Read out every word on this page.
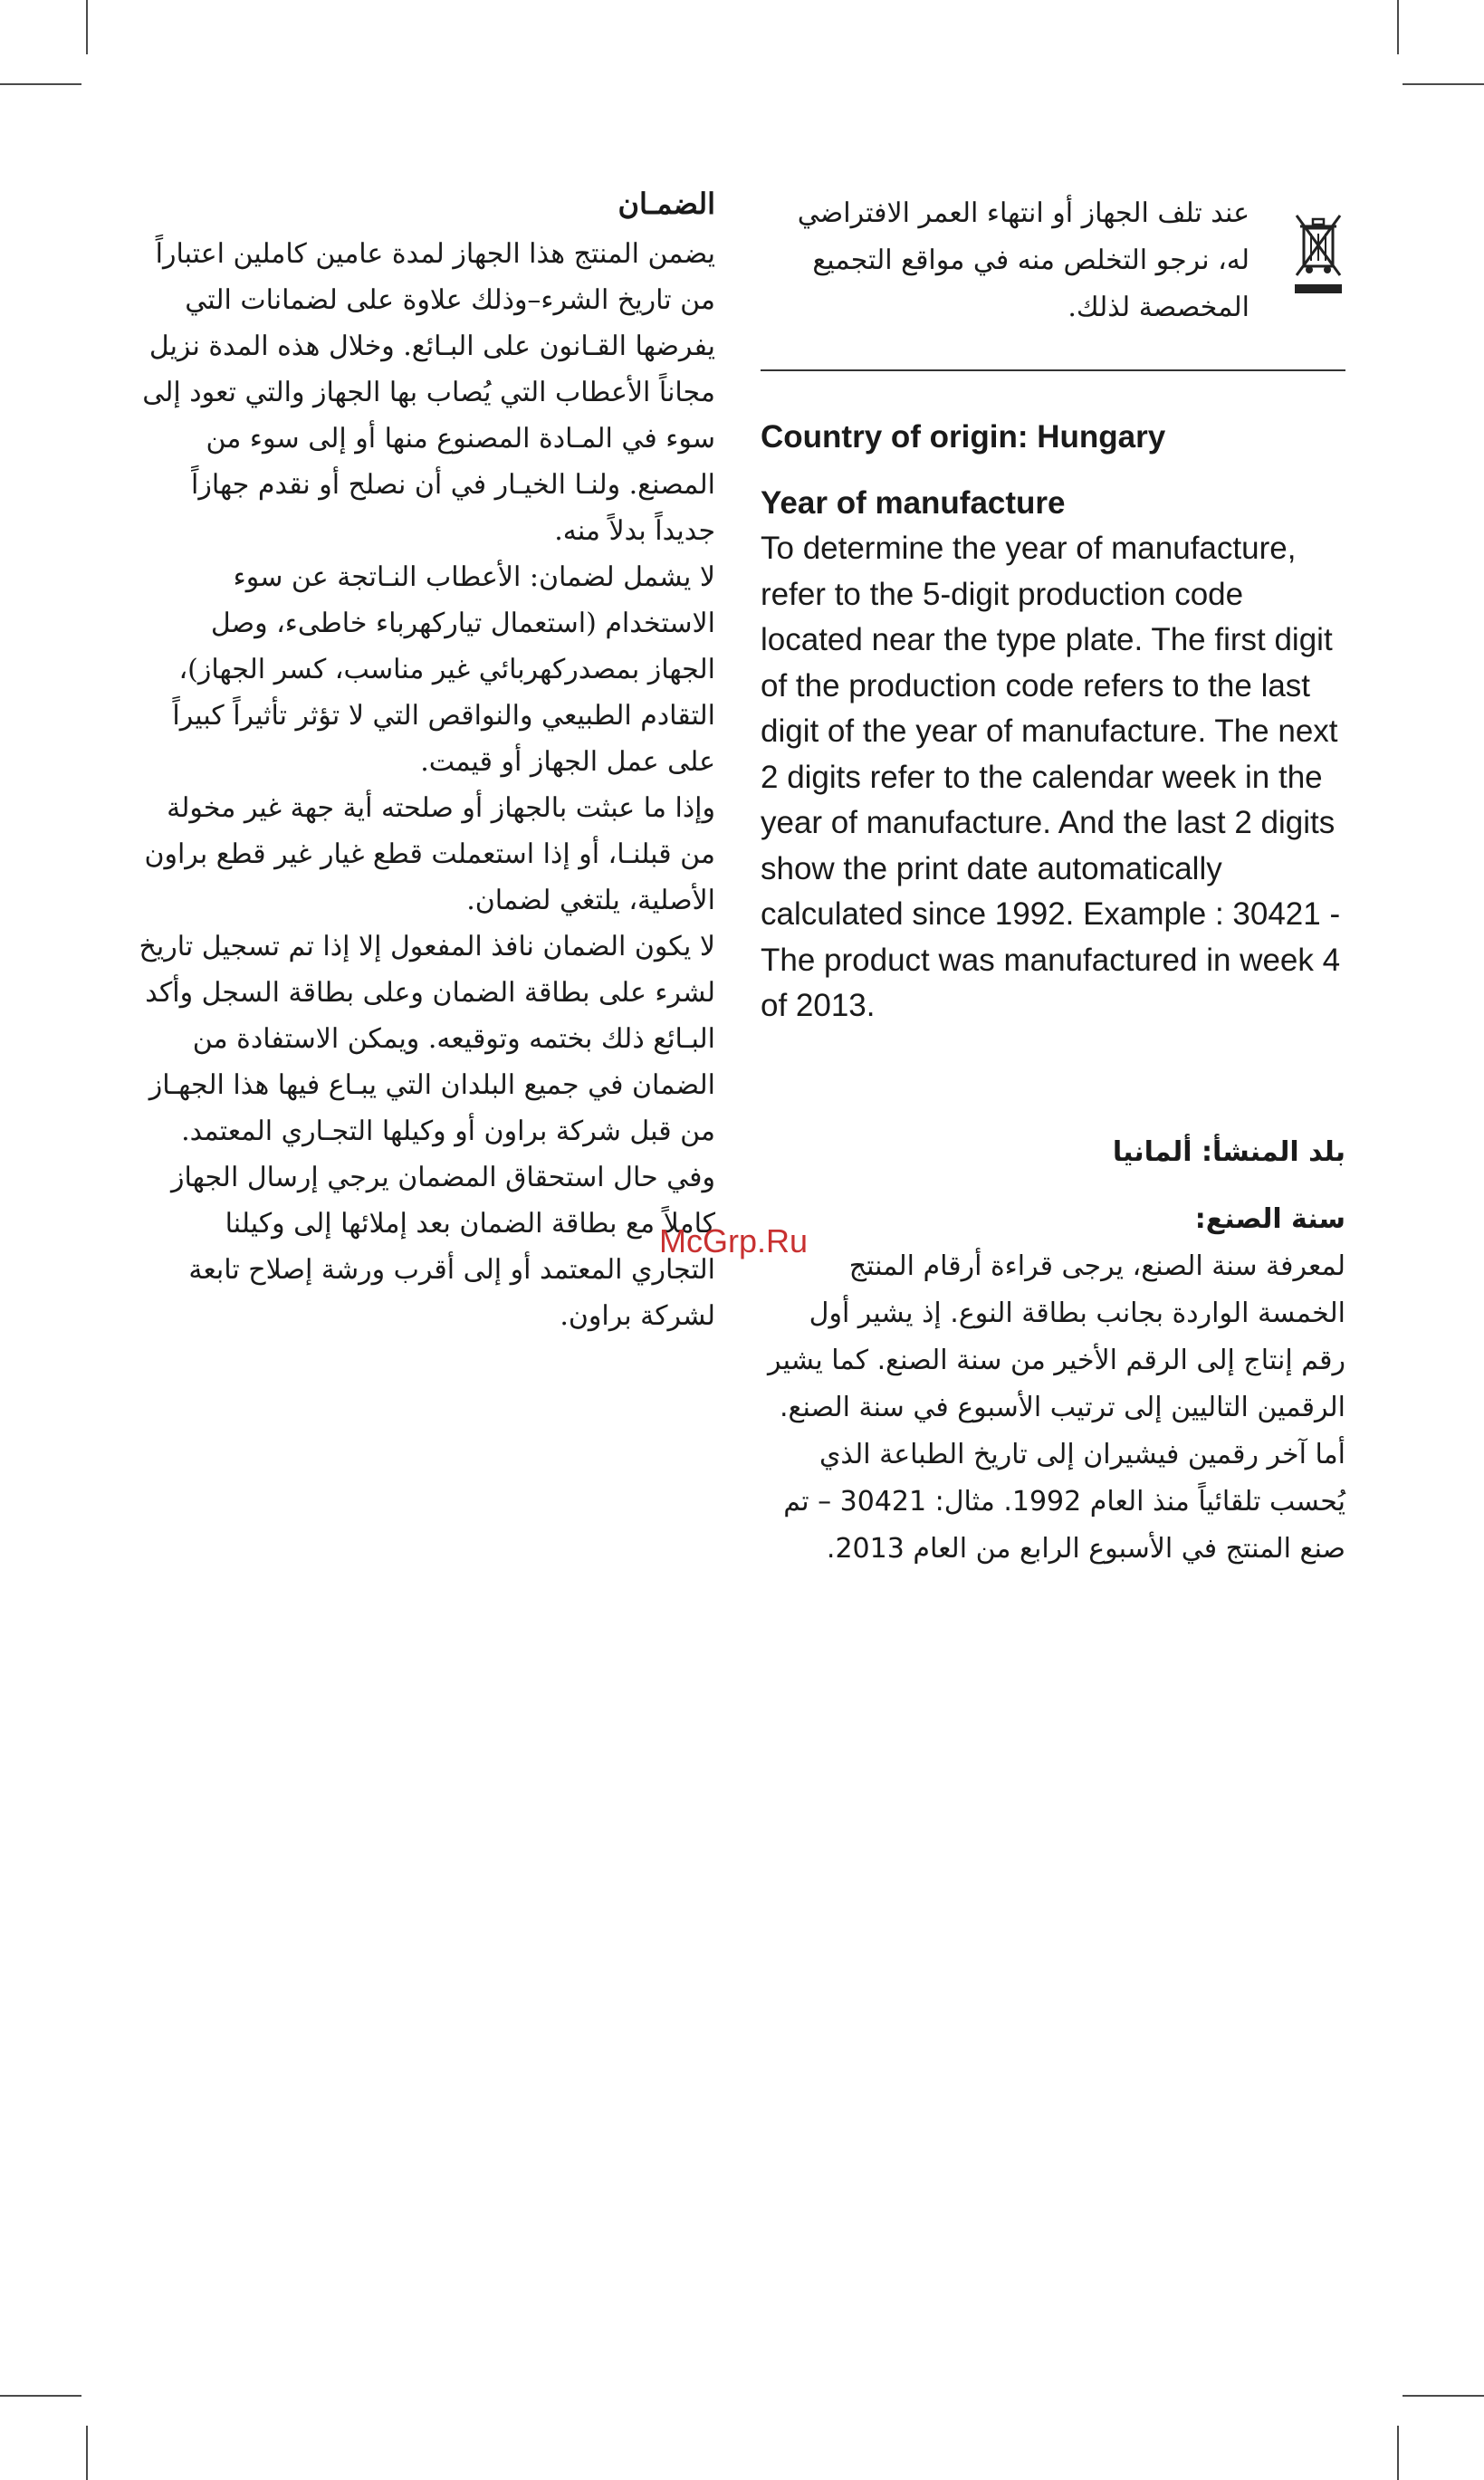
الضمـان

يضمن المنتج هذا الجهاز لمدة عامين كاملين اعتباراً من تاريخ الشرء–وذلك علاوة على لضمانات التي يفرضها القـانون على البـائع. وخلال هذه المدة نزيل مجاناً الأعطاب التي يُصاب بها الجهاز والتي تعود إلى سوء في المـادة المصنوع منها أو إلى سوء من المصنع. ولنـا الخيـار في أن نصلح أو نقدم جهازاً جديداً بدلاً منه.

لا يشمل لضمان: الأعطاب النـاتجة عن سوء الاستخدام (استعمال تياركهرباء خاطىء، وصل الجهاز بمصدركهربائي غير مناسب، كسر الجهاز)، التقادم الطبيعي والنواقص التي لا تؤثر تأثيراً كبيراً على عمل الجهاز أو قيمت.

وإذا ما عبثت بالجهاز أو صلحته أية جهة غير مخولة من قبلنـا، أو إذا استعملت قطع غيار غير قطع براون الأصلية، يلتغي لضمان.

لا يكون الضمان نافذ المفعول إلا إذا تم تسجيل تاريخ لشرء على بطاقة الضمان وعلى بطاقة السجل وأكد البـائع ذلك بختمه وتوقيعه. ويمكن الاستفادة من الضمان في جميع البلدان التي يبـاع فيها هذا الجهـاز من قبل شركة براون أو وكيلها التجـاري المعتمد.

وفي حال استحقاق المضمان يرجي إرسال الجهاز كاملاً مع بطاقة الضمان بعد إملائها إلى وكيلنا التجاري المعتمد أو إلى أقرب ورشة إصلاح تابعة لشركة براون.

عند تلف الجهاز أو انتهاء العمر الافتراضي له، نرجو التخلص منه في مواقع التجميع المخصصة لذلك.

Country of origin: Hungary

Year of manufacture

To determine the year of manufacture, refer to the 5-digit production code located near the type plate. The first digit of the production code refers to the last digit of the year of manufacture. The next 2 digits refer to the calendar week in the year of manufacture. And the last 2 digits show the print date automatically calculated since 1992. Example : 30421 - The product was manufactured in week 4 of 2013.

بلد المنشأ: ألمانيا

سنة الصنع:

لمعرفة سنة الصنع، يرجى قراءة أرقام المنتج الخمسة الواردة بجانب بطاقة النوع. إذ يشير أول رقم إنتاج إلى الرقم الأخير من سنة الصنع. كما يشير الرقمين التاليين إلى ترتيب الأسبوع في سنة الصنع. أما آخر رقمين فيشيران إلى تاريخ الطباعة الذي يُحسب تلقائياً منذ العام 1992. مثال: 30421 – تم صنع المنتج في الأسبوع الرابع من العام 2013.

McGrp.Ru
